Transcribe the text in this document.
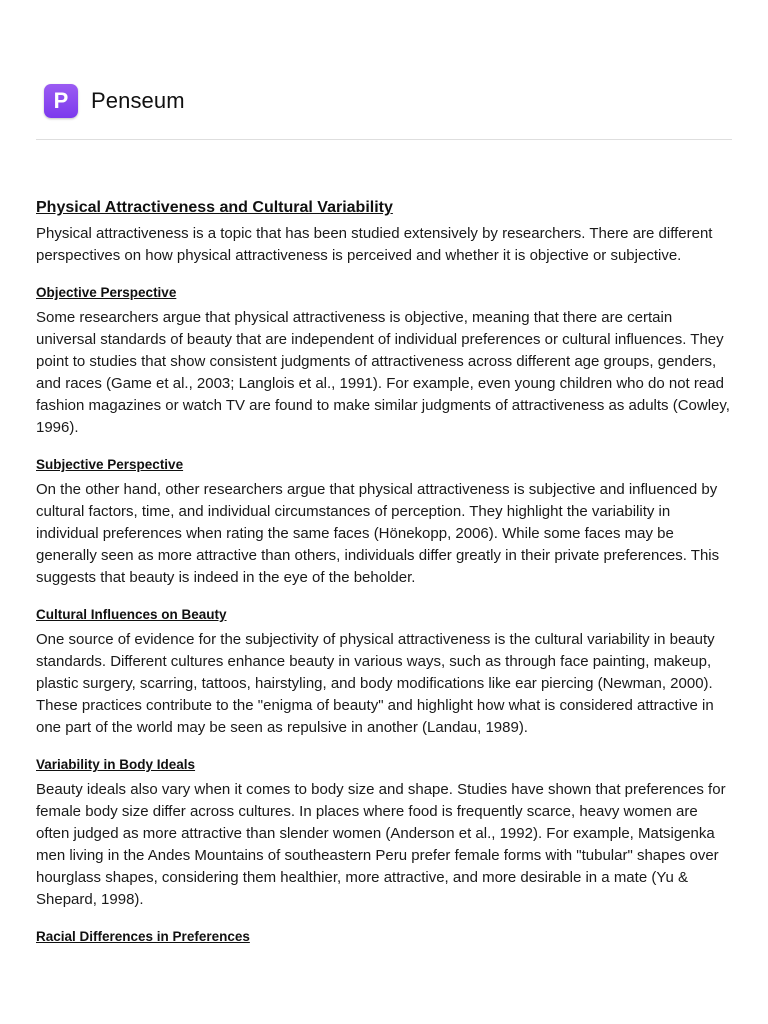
P	Penseum
Physical Attractiveness and Cultural Variability

Physical attractiveness is a topic that has been studied extensively by researchers. There are different perspectives on how physical attractiveness is perceived and whether it is objective or subjective.

Objective Perspective

Some researchers argue that physical attractiveness is objective, meaning that there are certain universal standards of beauty that are independent of individual preferences or cultural influences. They point to studies that show consistent judgments of attractiveness across different age groups, genders, and races (Game et al., 2003; Langlois et al., 1991). For example, even young children who do not read fashion magazines or watch TV are found to make similar judgments of attractiveness as adults (Cowley, 1996).

Subjective Perspective

On the other hand, other researchers argue that physical attractiveness is subjective and influenced by cultural factors, time, and individual circumstances of perception. They highlight the variability in individual preferences when rating the same faces (Hönekopp, 2006). While some faces may be generally seen as more attractive than others, individuals differ greatly in their private preferences. This suggests that beauty is indeed in the eye of the beholder.

Cultural Influences on Beauty

One source of evidence for the subjectivity of physical attractiveness is the cultural variability in beauty standards. Different cultures enhance beauty in various ways, such as through face painting, makeup, plastic surgery, scarring, tattoos, hairstyling, and body modifications like ear piercing (Newman, 2000). These practices contribute to the "enigma of beauty" and highlight how what is considered attractive in one part of the world may be seen as repulsive in another (Landau, 1989).

Variability in Body Ideals

Beauty ideals also vary when it comes to body size and shape. Studies have shown that preferences for female body size differ across cultures. In places where food is frequently scarce, heavy women are often judged as more attractive than slender women (Anderson et al., 1992). For example, Matsigenka men living in the Andes Mountains of southeastern Peru prefer female forms with "tubular" shapes over hourglass shapes, considering them healthier, more attractive, and more desirable in a mate (Yu & Shepard, 1998).

Racial Differences in Preferences
